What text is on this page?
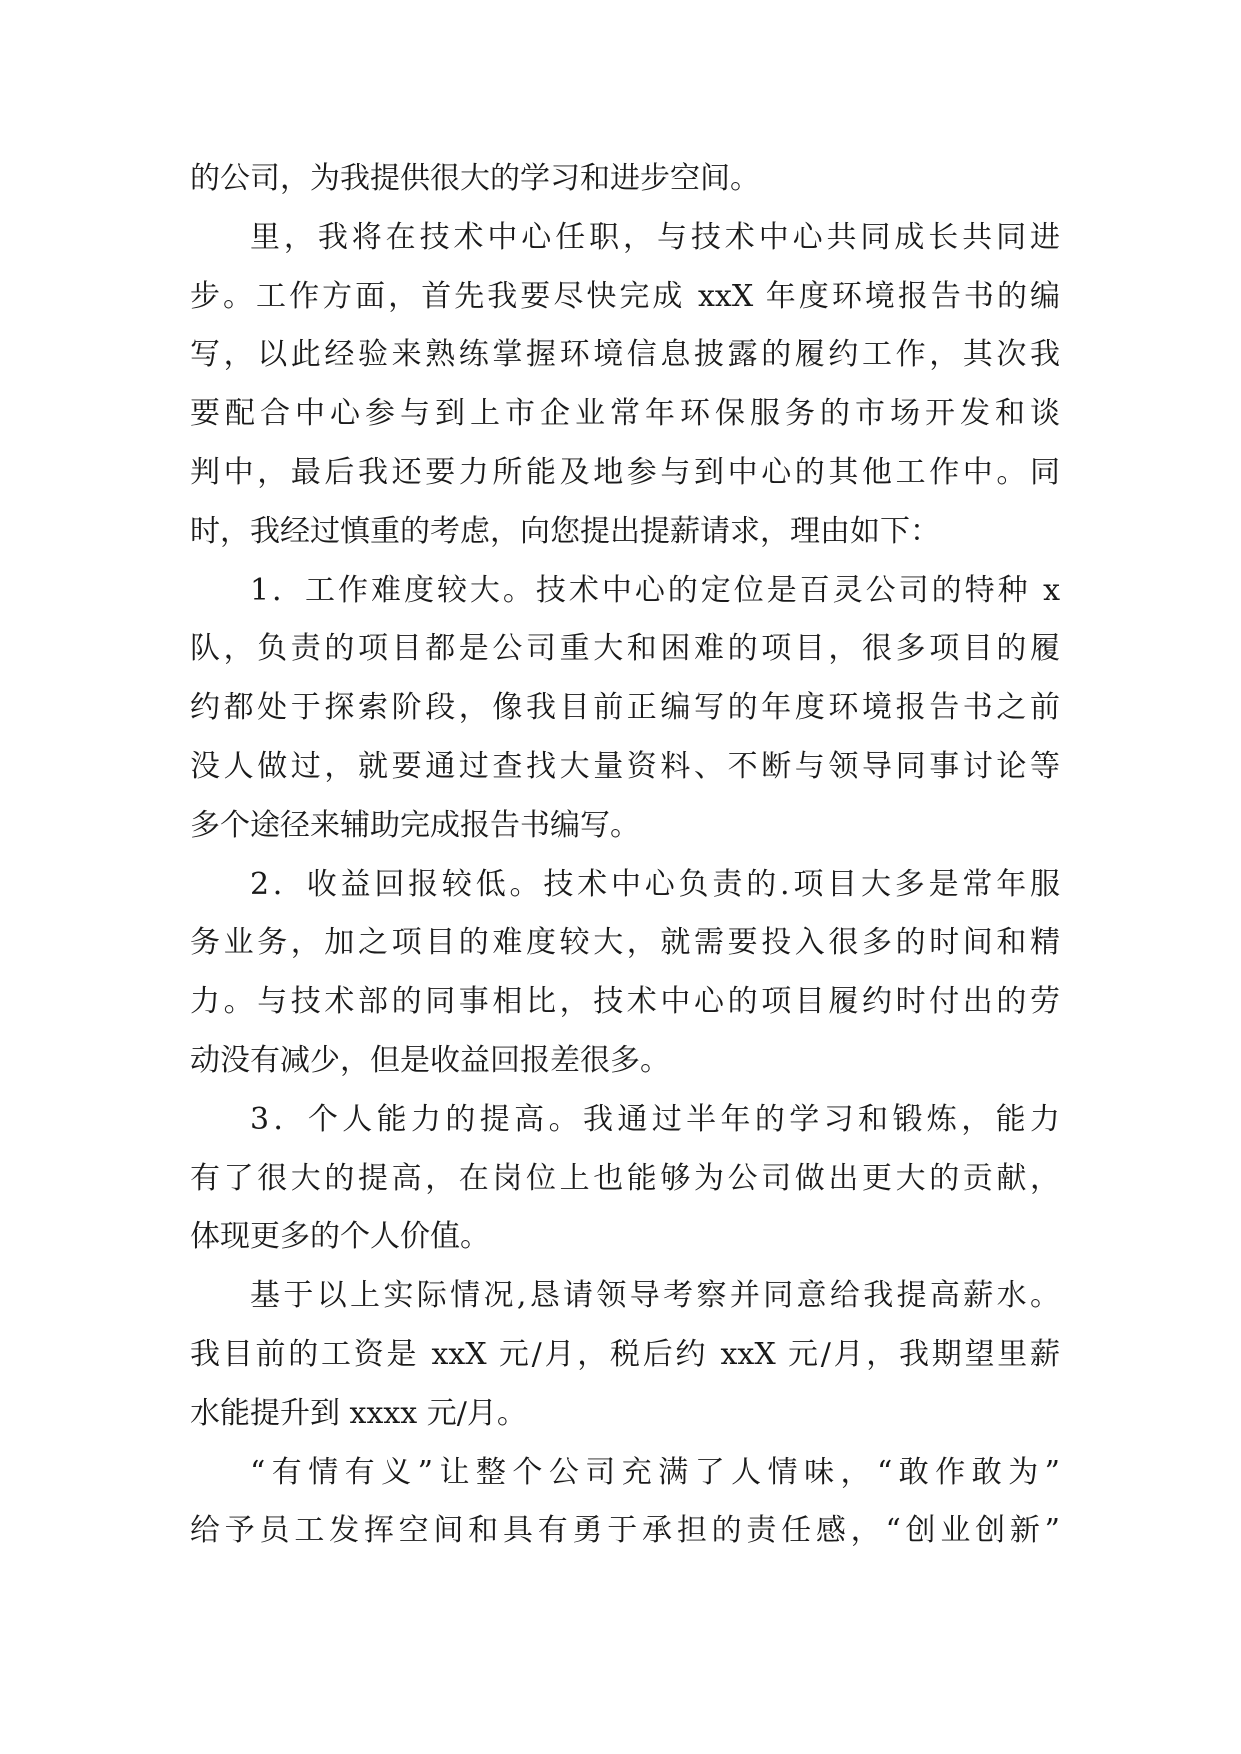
的公司，为我提供很大的学习和进步空间。
里，我将在技术中心任职，与技术中心共同成长共同进
步。工作方面，首先我要尽快完成 xxX 年度环境报告书的编
写，以此经验来熟练掌握环境信息披露的履约工作，其次我
要配合中心参与到上市企业常年环保服务的市场开发和谈
判中，最后我还要力所能及地参与到中心的其他工作中。同
时，我经过慎重的考虑，向您提出提薪请求，理由如下：
1．工作难度较大。技术中心的定位是百灵公司的特种 x
队，负责的项目都是公司重大和困难的项目，很多项目的履
约都处于探索阶段，像我目前正编写的年度环境报告书之前
没人做过，就要通过查找大量资料、不断与领导同事讨论等
多个途径来辅助完成报告书编写。
2．收益回报较低。技术中心负责的.项目大多是常年服
务业务，加之项目的难度较大，就需要投入很多的时间和精
力。与技术部的同事相比，技术中心的项目履约时付出的劳
动没有减少，但是收益回报差很多。
3．个人能力的提高。我通过半年的学习和锻炼，能力
有了很大的提高，在岗位上也能够为公司做出更大的贡献，
体现更多的个人价值。
基于以上实际情况,恳请领导考察并同意给我提高薪水。
我目前的工资是 xxX 元/月，税后约 xxX 元/月，我期望里薪
水能提升到 xxxx 元/月。
“有情有义”让整个公司充满了人情味，“敢作敢为”
给予员工发挥空间和具有勇于承担的责任感，“创业创新”
